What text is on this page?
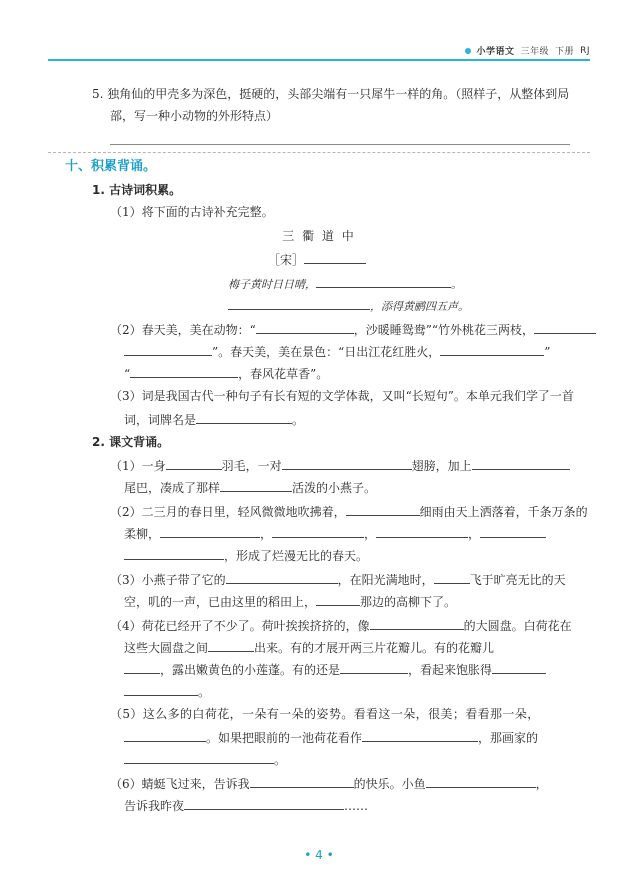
小学语文 三年级 下册 RJ
5. 独角仙的甲壳多为深色，挺硬的，头部尖端有一只犀牛一样的角。（照样子，从整体到局
部，写一种小动物的外形特点）
十、积累背诵。
1. 古诗词积累。
（1）将下面的古诗补充完整。
三 衢 道 中
［宋］
梅子黄时日日晴，	。
，添得黄鹂四五声。
（2）春天美，美在动物：“	，沙暖睡鸳鸯”“竹外桃花三两枝，
”。春天美，美在景色：“日出江花红胜火，	”
“	，春风花草香”。
（3）词是我国古代一种句子有长有短的文学体裁，又叫“长短句”。本单元我们学了一首
词，词牌名是	。
2. 课文背诵。
（1）一身	羽毛，一对	翅膀，加上
尾巴，凑成了那样	活泼的小燕子。
（2）二三月的春日里，轻风微微地吹拂着，	细雨由天上洒落着，千条万条的
柔柳，	，	，	，
，形成了烂漫无比的春天。
（3）小燕子带了它的	，在阳光满地时，	飞于旷亮无比的天
空，叽的一声，已由这里的稻田上，	那边的高柳下了。
（4）荷花已经开了不少了。荷叶挨挨挤挤的，像	的大圆盘。白荷花在
这些大圆盘之间	出来。有的才展开两三片花瓣儿。有的花瓣儿
，露出嫩黄色的小莲蓬。有的还是	，看起来饱胀得
。
（5）这么多的白荷花，一朵有一朵的姿势。看看这一朵，很美；看看那一朵，
。如果把眼前的一池荷花看作	，那画家的
。
（6）蜻蜓飞过来，告诉我	的快乐。小鱼	，
告诉我昨夜	……
• 4 •
